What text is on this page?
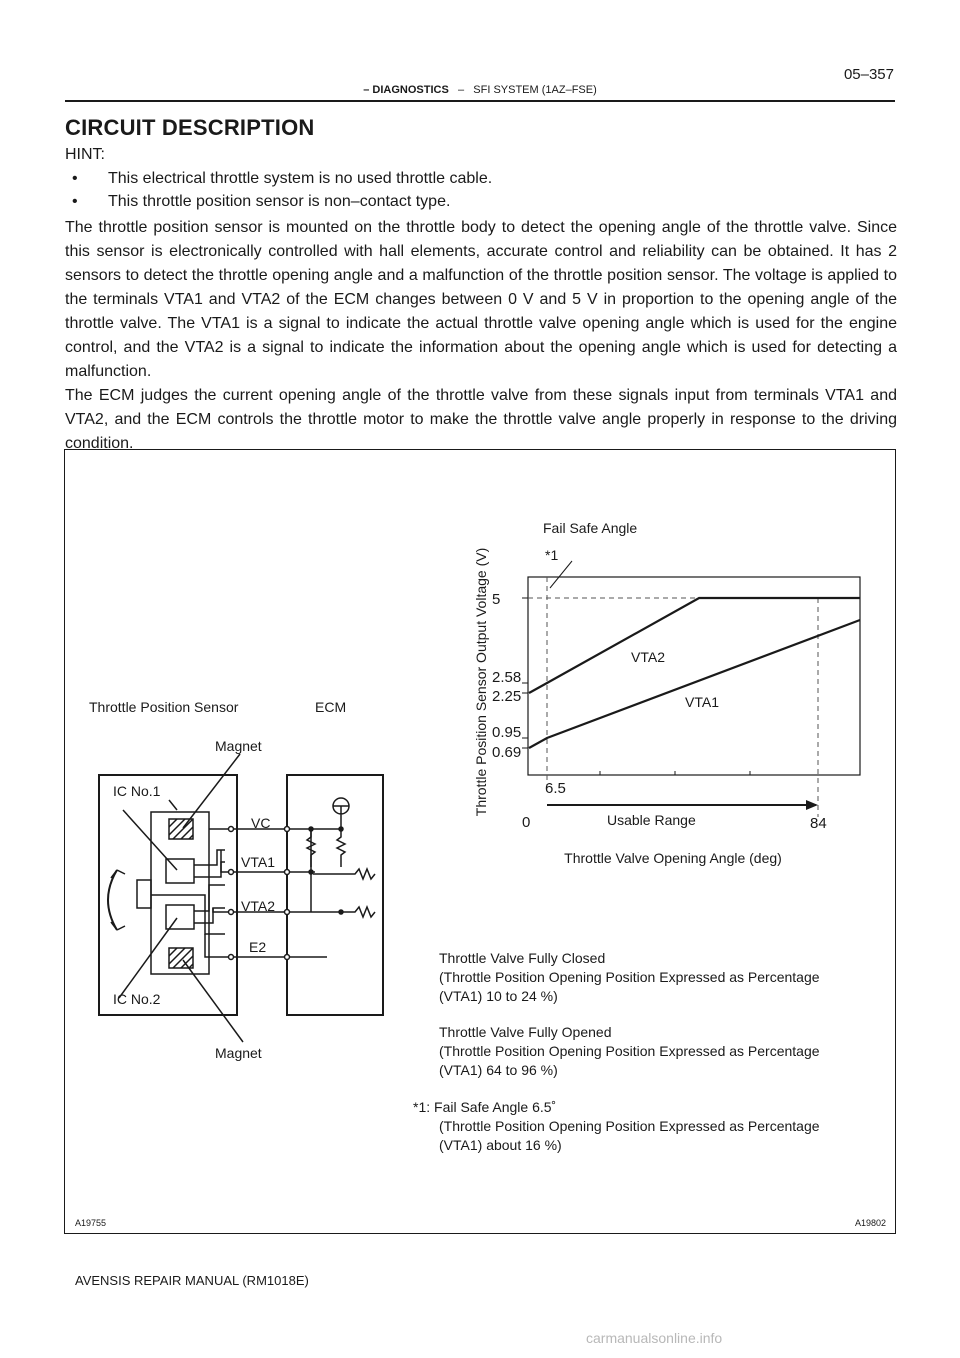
05–357
– DIAGNOSTICS – SFI SYSTEM (1AZ–FSE)
CIRCUIT DESCRIPTION
HINT:
• This electrical throttle system is no used throttle cable.
• This throttle position sensor is non–contact type.

The throttle position sensor is mounted on the throttle body to detect the opening angle of the throttle valve. Since this sensor is electronically controlled with hall elements, accurate control and reliability can be obtained. It has 2 sensors to detect the throttle opening angle and a malfunction of the throttle position sensor. The voltage is applied to the terminals VTA1 and VTA2 of the ECM changes between 0 V and 5 V in proportion to the opening angle of the throttle valve. The VTA1 is a signal to indicate the actual throttle valve opening angle which is used for the engine control, and the VTA2 is a signal to indicate the information about the opening angle which is used for detecting a malfunction.

The ECM judges the current opening angle of the throttle valve from these signals input from terminals VTA1 and VTA2, and the ECM controls the throttle motor to make the throttle valve angle properly in response to the driving condition.

Throttle Position Sensor	ECM
Magnet
IC No.1
VC
VTA1
VTA2
E2
IC No.2
Magnet
5
2.58
2.25
0.95
0.69
0
6.5
84
Throttle Position Sensor Output Voltage (V)
Throttle Valve Opening Angle (deg)
Fail Safe Angle
*1
Usable Range
VTA2
VTA1
Throttle Valve Fully Closed
(Throttle Position Opening Position Expressed as Percentage
(VTA1) 10 to 24 %)
Throttle Valve Fully Opened
(Throttle Position Opening Position Expressed as Percentage
(VTA1) 64 to 96 %)
*1: Fail Safe Angle 6.5˚
(Throttle Position Opening Position Expressed as Percentage
(VTA1) about 16 %)
A19755	A19802
AVENSIS REPAIR MANUAL (RM1018E)
carmanualsonline.info
